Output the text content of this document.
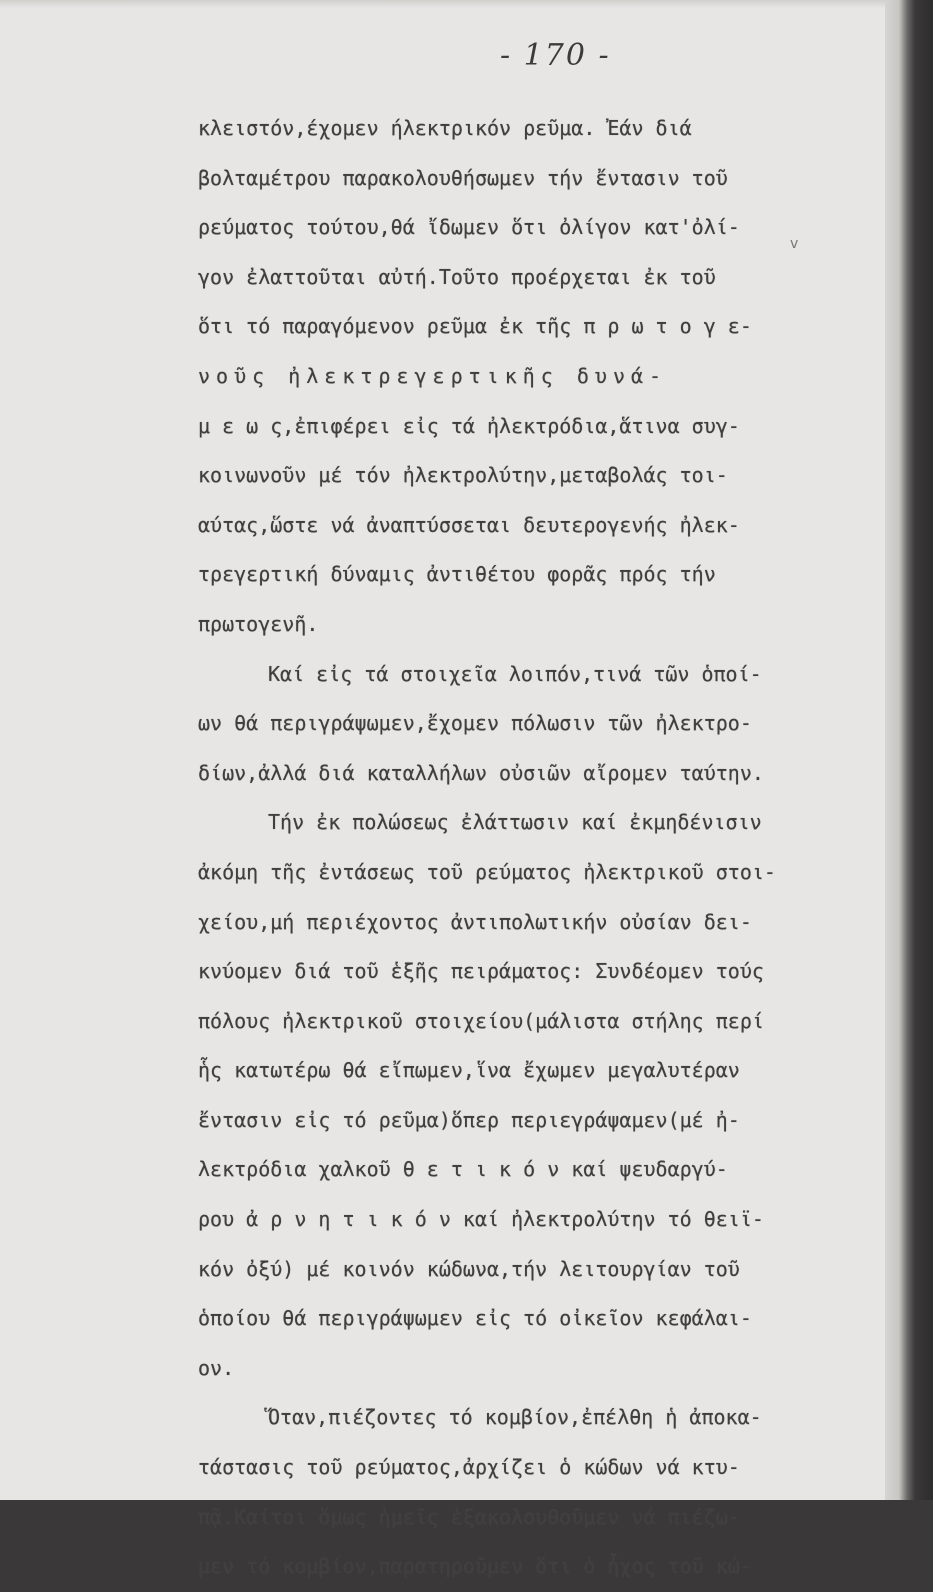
- 170 -
κλειστόν,έχομεν ήλεκτρικόν ρεῦμα. Ἐάν διά
βολταμέτρου παρακολουθήσωμεν τήν ἔντασιν τοῦ
ρεύματος τούτου,θά ἴδωμεν ὅτι ὀλίγον κατ'ὀλί-
γον ἐλαττοῦται αὐτή.Τοῦτο προέρχεται ἐκ τοῦ
ὅτι τό παραγόμενον ρεῦμα ἐκ τῆς π ρ ω τ ο γ ε-
νοῦς ἠλεκτρεγερτικῆς δυνά-
μ ε ω ς,ἐπιφέρει εἰς τά ἠλεκτρόδια,ἅτινα συγ-
κοινωνοῦν μέ τόν ἠλεκτρολύτην,μεταβολάς τοι-
αύτας,ὥστε νά ἀναπτύσσεται δευτερογενής ἠλεκ-
τρεγερτική δύναμις ἀντιθέτου φορᾶς πρός τήν
πρωτογενῆ.
Καί εἰς τά στοιχεῖα λοιπόν,τινά τῶν ὁποί-
ων θά περιγράψωμεν,ἔχομεν πόλωσιν τῶν ἠλεκτρο-
δίων,ἀλλά διά καταλλήλων οὐσιῶν αἴρομεν ταύτην.
Τήν ἐκ πολώσεως ἐλάττωσιν καί ἐκμηδένισιν
ἀκόμη τῆς ἐντάσεως τοῦ ρεύματος ἠλεκτρικοῦ στοι-
χείου,μή περιέχοντος ἀντιπολωτικήν οὐσίαν δει-
κνύομεν διά τοῦ ἑξῆς πειράματος: Συνδέομεν τούς
πόλους ἠλεκτρικοῦ στοιχείου(μάλιστα στήλης περί
ἧς κατωτέρω θά εἴπωμεν,ἵνα ἔχωμεν μεγαλυτέραν
ἔντασιν εἰς τό ρεῦμα)ὅπερ περιεγράψαμεν(μέ ἠ-
λεκτρόδια χαλκοῦ θ ε τ ι κ ό ν καί ψευδαργύ-
ρου ἀ ρ ν η τ ι κ ό ν καί ἠλεκτρολύτην τό θειϊ-
κόν ὀξύ) μέ κοινόν κώδωνα,τήν λειτουργίαν τοῦ
ὁποίου θά περιγράψωμεν εἰς τό οἰκεῖον κεφάλαι-
ον.
Ὅταν,πιέζοντες τό κομβίον,ἐπέλθη ἡ ἀποκα-
τάστασις τοῦ ρεύματος,ἀρχίζει ὁ κώδων νά κτυ-
πᾷ.Καίτοι ὅμως ἡμεῖς ἐξακολουθοῦμεν νά πιέζω-
μεν τό κομβίον,παρατηροῦμεν ὅτι ὁ ἦχος τοῦ κώ-
v
